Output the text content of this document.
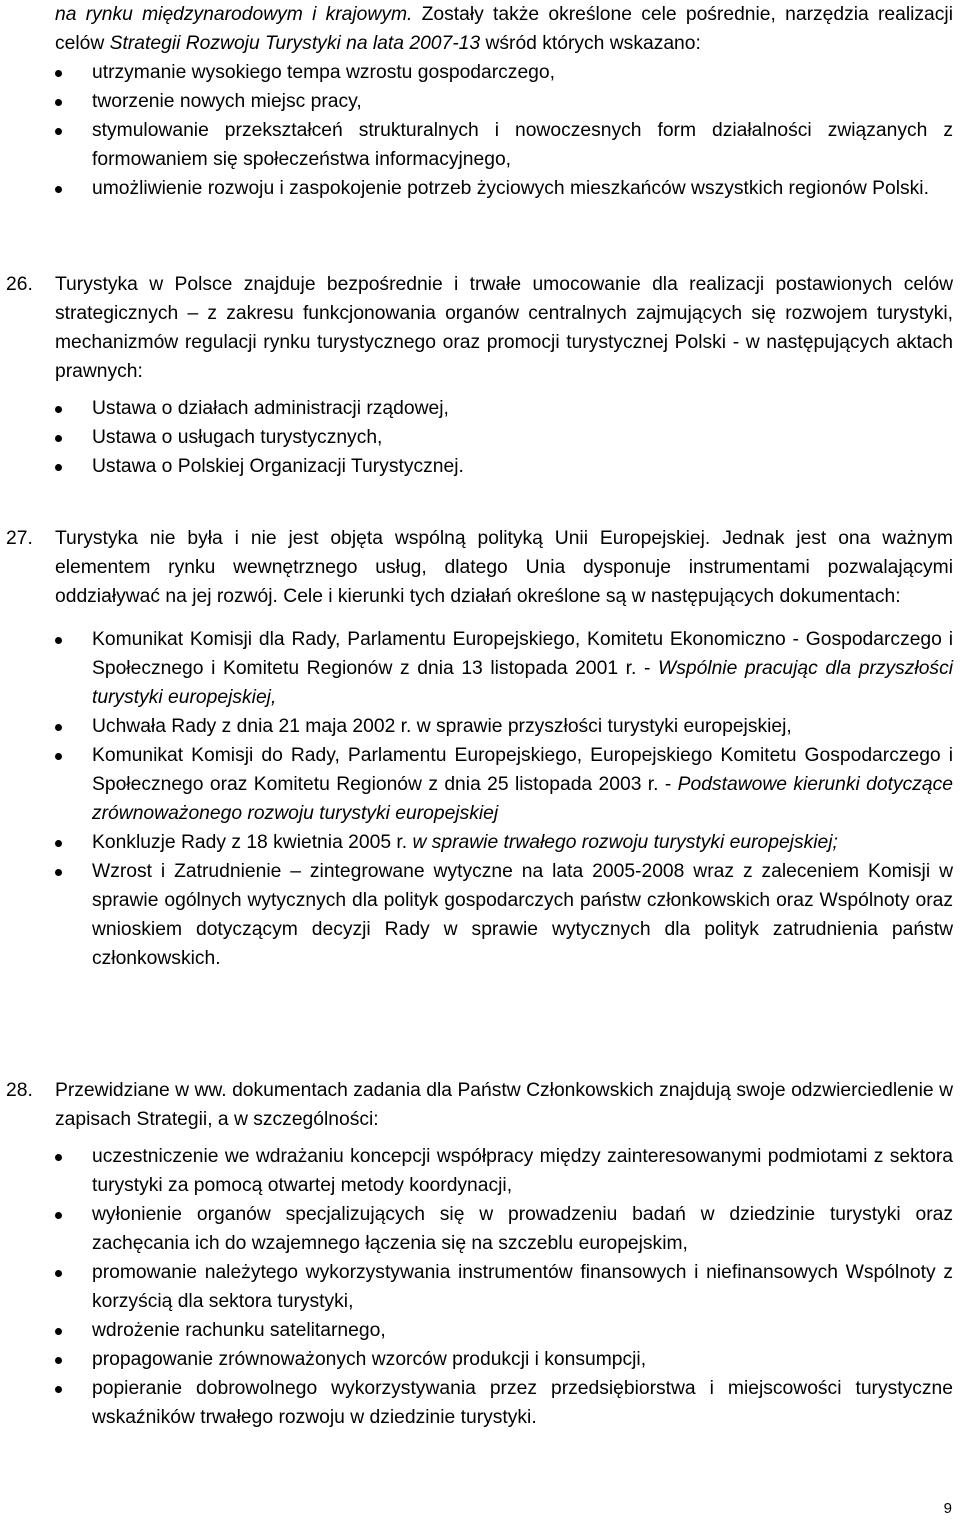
na rynku międzynarodowym i krajowym. Zostały także określone cele pośrednie, narzędzia realizacji celów Strategii Rozwoju Turystyki na lata 2007-13 wśród których wskazano:

utrzymanie wysokiego tempa wzrostu gospodarczego,
tworzenie nowych miejsc pracy,
stymulowanie przekształceń strukturalnych i nowoczesnych form działalności związanych z formowaniem się społeczeństwa informacyjnego,
umożliwienie rozwoju i zaspokojenie potrzeb życiowych mieszkańców wszystkich regionów Polski.
26. Turystyka w Polsce znajduje bezpośrednie i trwałe umocowanie dla realizacji postawionych celów strategicznych – z zakresu funkcjonowania organów centralnych zajmujących się rozwojem turystyki, mechanizmów regulacji rynku turystycznego oraz promocji turystycznej Polski - w następujących aktach prawnych:

Ustawa o działach administracji rządowej,
Ustawa o usługach turystycznych,
Ustawa o Polskiej Organizacji Turystycznej.
27. Turystyka nie była i nie jest objęta wspólną polityką Unii Europejskiej. Jednak jest ona ważnym elementem rynku wewnętrznego usług, dlatego Unia dysponuje instrumentami pozwalającymi oddziaływać na jej rozwój. Cele i kierunki tych działań określone są w następujących dokumentach:

Komunikat Komisji dla Rady, Parlamentu Europejskiego, Komitetu Ekonomiczno - Gospodarczego i Społecznego i Komitetu Regionów z dnia 13 listopada 2001 r. - Wspólnie pracując dla przyszłości turystyki europejskiej,
Uchwała Rady z dnia 21 maja 2002 r. w sprawie przyszłości turystyki europejskiej,
Komunikat Komisji do Rady, Parlamentu Europejskiego, Europejskiego Komitetu Gospodarczego i Społecznego oraz Komitetu Regionów z dnia 25 listopada 2003 r. - Podstawowe kierunki dotyczące zrównoważonego rozwoju turystyki europejskiej
Konkluzje Rady z 18 kwietnia 2005 r. w sprawie trwałego rozwoju turystyki europejskiej;
Wzrost i Zatrudnienie – zintegrowane wytyczne na lata 2005-2008 wraz z zaleceniem Komisji w sprawie ogólnych wytycznych dla polityk gospodarczych państw członkowskich oraz Wspólnoty oraz wnioskiem dotyczącym decyzji Rady w sprawie wytycznych dla polityk zatrudnienia państw członkowskich.
28. Przewidziane w ww. dokumentach zadania dla Państw Członkowskich znajdują swoje odzwierciedlenie w zapisach Strategii, a w szczególności:

uczestniczenie we wdrażaniu koncepcji współpracy między zainteresowanymi podmiotami z sektora turystyki za pomocą otwartej metody koordynacji,
wyłonienie organów specjalizujących się w prowadzeniu badań w dziedzinie turystyki oraz zachęcania ich do wzajemnego łączenia się na szczeblu europejskim,
promowanie należytego wykorzystywania instrumentów finansowych i niefinansowych Wspólnoty z korzyścią dla sektora turystyki,
wdrożenie rachunku satelitarnego,
propagowanie zrównoważonych wzorców produkcji i konsumpcji,
popieranie dobrowolnego wykorzystywania przez przedsiębiorstwa i miejscowości turystyczne wskaźników trwałego rozwoju w dziedzinie turystyki.
9
